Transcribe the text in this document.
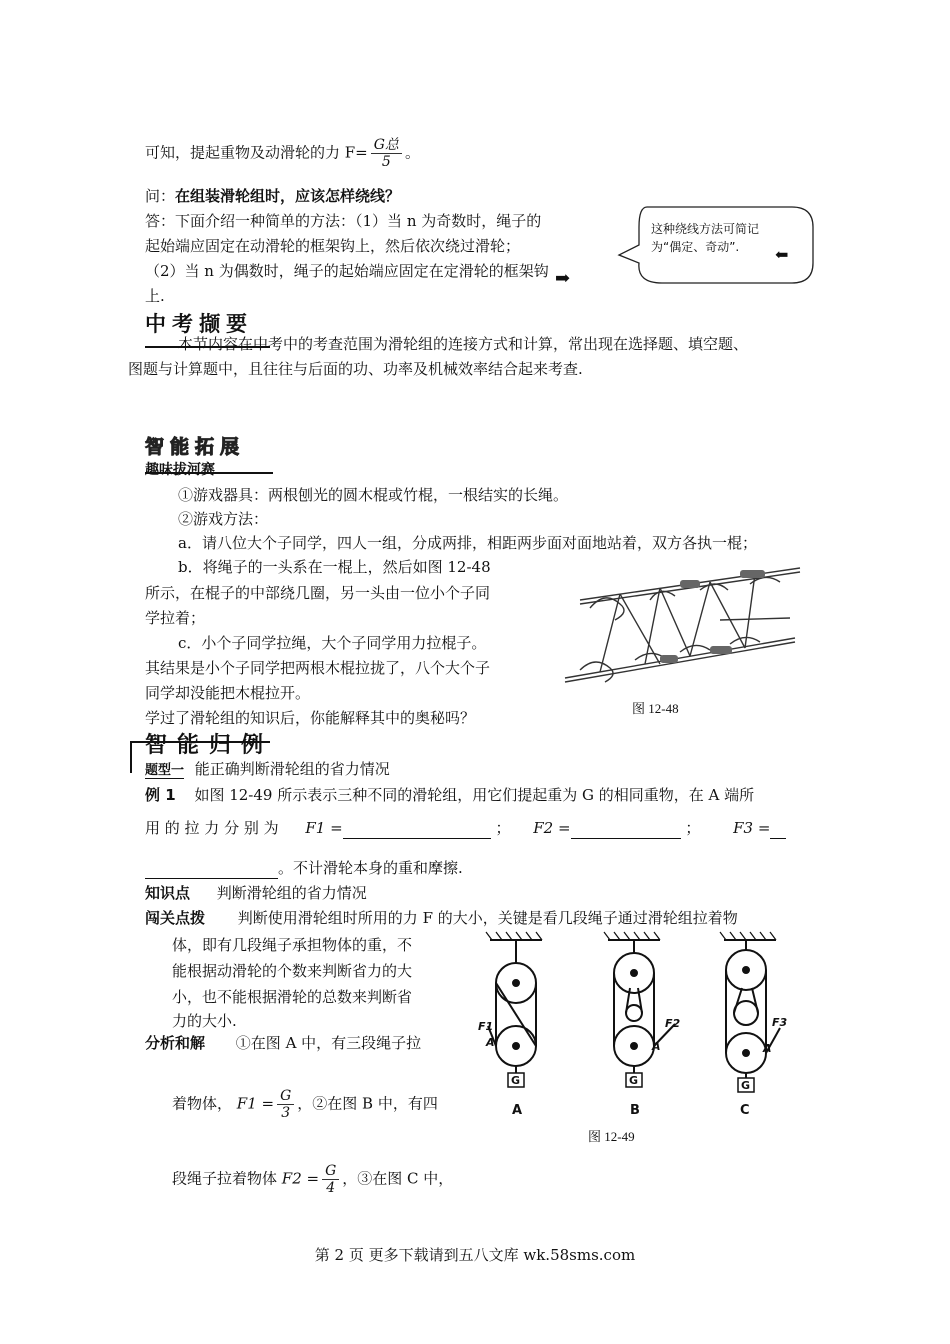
可知，提起重物及动滑轮的力 $F= \frac{\text{G总}}{5}$ 。
问：在组装滑轮组时，应该怎样绕线？
答：下面介绍一种简单的方法：（1）当 n 为奇数时，绳子的
起始端应固定在动滑轮的框架钩上，然后依次绕过滑轮；
（2）当 n 为偶数时，绳子的起始端应固定在定滑轮的框架钩
上.
➡
这种绕线方法可简记
为“偶定、奇动”.	⬅
中考撷要
本节内容在中考中的考查范围为滑轮组的连接方式和计算，常出现在选择题、填空题、
图题与计算题中，且往往与后面的功、功率及机械效率结合起来考查.
智能拓展
趣味拔河赛
①游戏器具：两根刨光的圆木棍或竹棍，一根结实的长绳。
②游戏方法：
a．请八位大个子同学，四人一组，分成两排，相距两步面对面地站着，双方各执一棍；
b．将绳子的一头系在一棍上，然后如图 12-48
所示，在棍子的中部绕几圈，另一头由一位小个子同
学拉着；
c．小个子同学拉绳，大个子同学用力拉棍子。
其结果是小个子同学把两根木棍拉拢了，八个大个子
同学却没能把木棍拉开。
学过了滑轮组的知识后，你能解释其中的奥秘吗？
图 12-48
智能归例
题型一 能正确判断滑轮组的省力情况
例 1 如图 12-49 所示表示三种不同的滑轮组，用它们提起重为 G 的相同重物，在 A 端所
用 的 拉 力 分 别 为 F1 =	； F2 =	； F3 =
。不计滑轮本身的重和摩擦.
知识点 判断滑轮组的省力情况
闯关点拨 判断使用滑轮组时所用的力 F 的大小，关键是看几段绳子通过滑轮组拉着物
体，即有几段绳子承担物体的重，不
能根据动滑轮的个数来判断省力的大
小，也不能根据滑轮的总数来判断省
力的大小.
分析和解 ①在图 A 中，有三段绳子拉
着物体， $F1 = \frac{G}{3}$ ，②在图 B 中，有四
段绳子拉着物体 $F2 = \frac{G}{4}$ ，③在图 C 中，
G	G	G
F1
A
F2
A
F3
A
A	B	C
图 12-49
第 2 页 更多下载请到五八文库 wk.58sms.com
